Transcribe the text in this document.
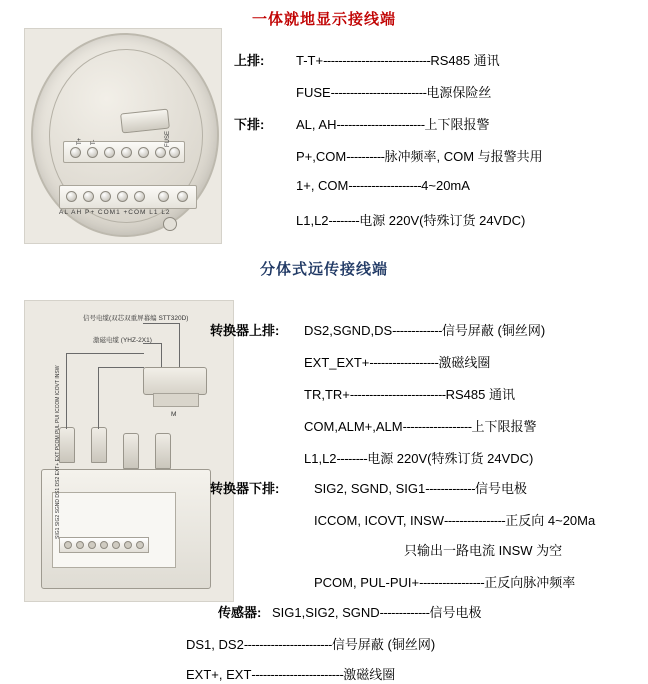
一体就地显示接线端
T+ T-	FUSE
AL AH P+ COM1 +COM L1 L2
上排: T-T+----------------------------RS485 通讯
FUSE-------------------------电源保险丝
下排: AL, AH-----------------------上下限报警
P+,COM----------脉冲频率, COM 与报警共用
1+, COM-------------------4~20mA
L1,L2--------电源 220V(特殊订货 24VDC)
分体式远传接线端
信号电缆(双芯双重屏幕编 STT320D)
激磁电缆 (YHZ-2X1)
M
SIG1 SIG2 SGND DS1 DS2 EXT+ EXT PCOM PUL PUI ICCOM ICOVT INSW
转换器上排: DS2,SGND,DS-------------信号屏蔽 (铜丝网)
EXT_EXT+------------------激磁线圈
TR,TR+-------------------------RS485 通讯
COM,ALM+,ALM------------------上下限报警
L1,L2--------电源 220V(特殊订货 24VDC)
转换器下排:	SIG2, SGND, SIG1-------------信号电极
ICCOM, ICOVT, INSW----------------正反向 4~20Ma
只输出一路电流 INSW 为空
PCOM, PUL-PUI+-----------------正反向脉冲频率
传感器: SIG1,SIG2, SGND-------------信号电极
DS1, DS2-----------------------信号屏蔽 (铜丝网)
EXT+, EXT------------------------激磁线圈
